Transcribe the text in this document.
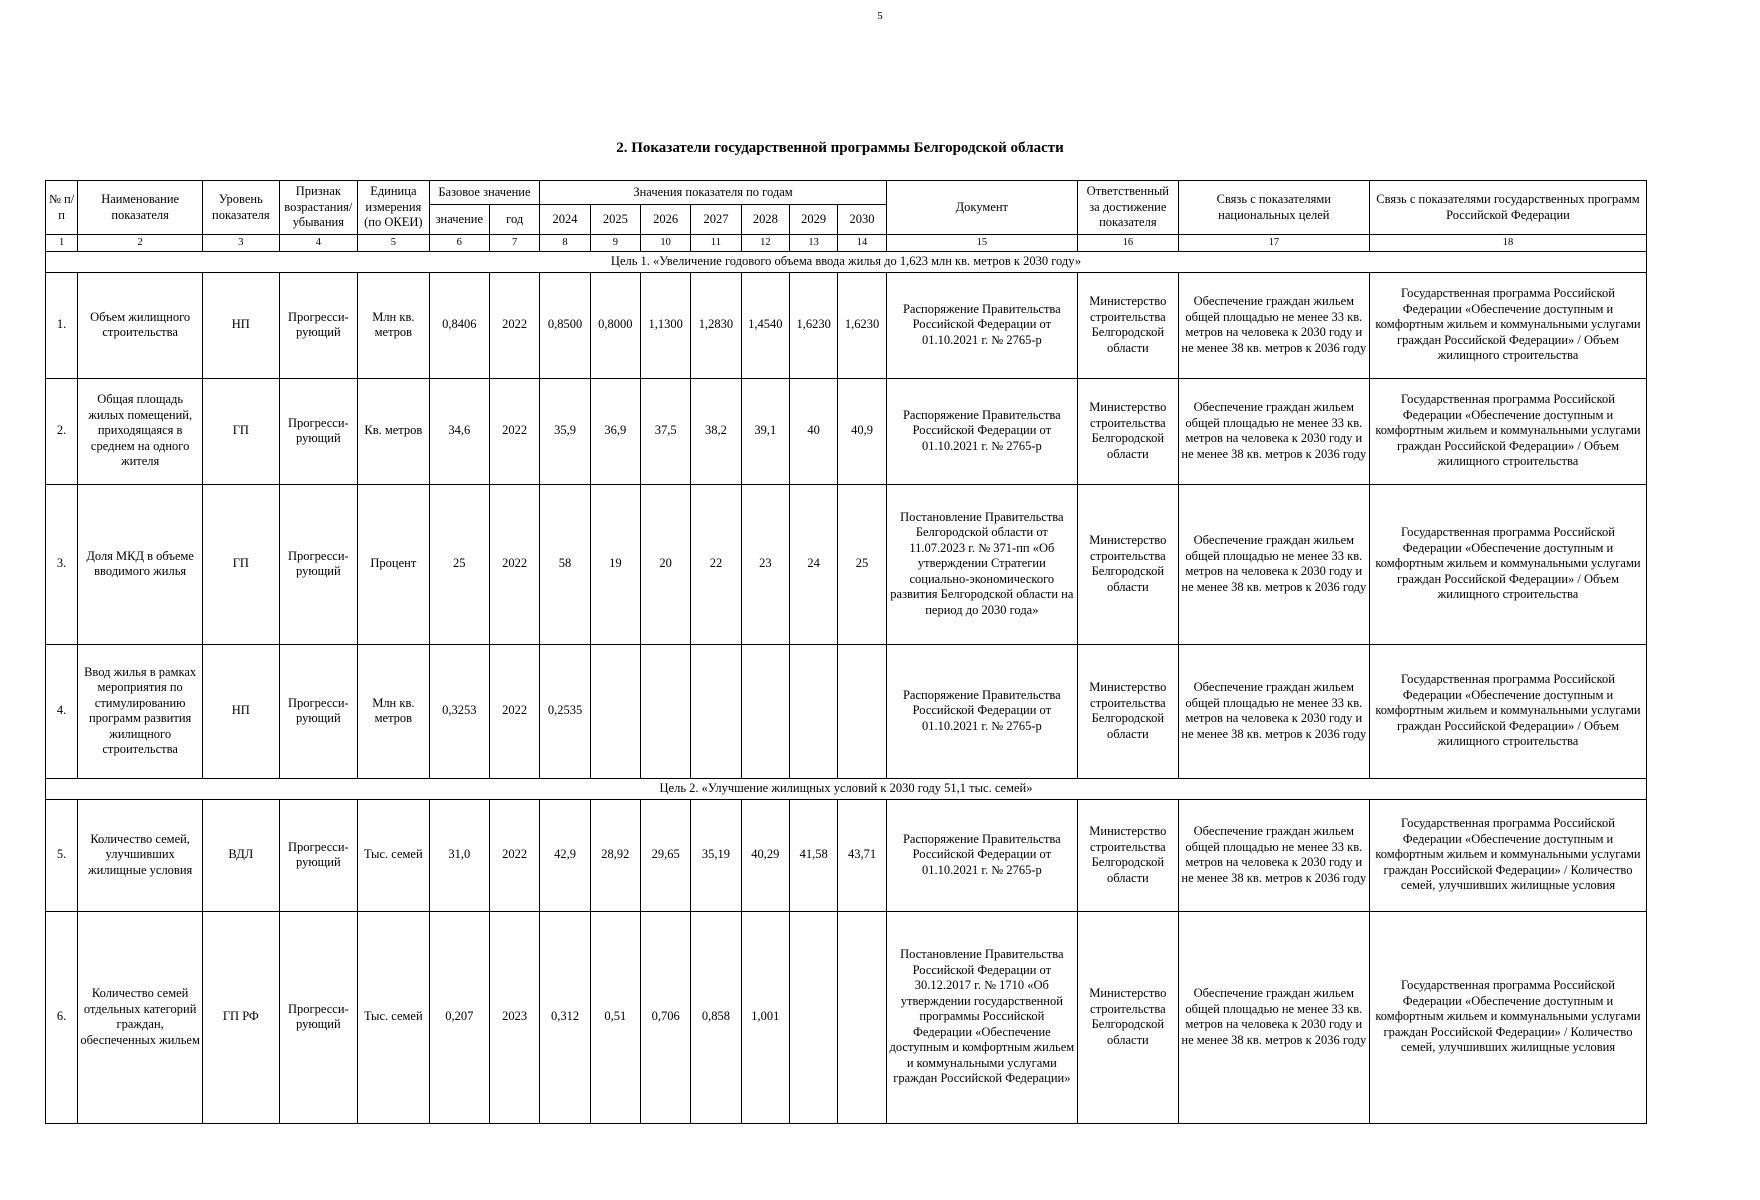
5
2. Показатели государственной программы Белгородской области
№ п/п	Наименование показателя	Уровень показателя	Признак возрастания/ убывания	Единица измерения (по ОКЕИ)	Базовое значение		Значения показателя по годам							Документ	Ответственный за достижение показателя	Связь с показателями национальных целей	Связь с показателями государственных программ Российской Федерации
					значение	год	2024	2025	2026	2027	2028	2029	2030				
1	2	3	4	5	6	7	8	9	10	11	12	13	14	15	16	17	18
Цель 1. «Увеличение годового объема ввода жилья до 1,623 млн кв. метров к 2030 году»																	
1.	Объем жилищного строительства	НП	Прогресси-рующий	Млн кв. метров	0,8406	2022	0,8500	0,8000	1,1300	1,2830	1,4540	1,6230	1,6230	Распоряжение Правительства Российской Федерации от 01.10.2021 г. № 2765-р	Министерство строительства Белгородской области	Обеспечение граждан жильем общей площадью не менее 33 кв. метров на человека к 2030 году и не менее 38 кв. метров к 2036 году	Государственная программа Российской Федерации «Обеспечение доступным и комфортным жильем и коммунальными услугами граждан Российской Федерации» / Объем жилищного строительства
2.	Общая площадь жилых помещений, приходящаяся в среднем на одного жителя	ГП	Прогресси-рующий	Кв. метров	34,6	2022	35,9	36,9	37,5	38,2	39,1	40	40,9	Распоряжение Правительства Российской Федерации от 01.10.2021 г. № 2765-р	Министерство строительства Белгородской области	Обеспечение граждан жильем общей площадью не менее 33 кв. метров на человека к 2030 году и не менее 38 кв. метров к 2036 году	Государственная программа Российской Федерации «Обеспечение доступным и комфортным жильем и коммунальными услугами граждан Российской Федерации» / Объем жилищного строительства
3.	Доля МКД в объеме вводимого жилья	ГП	Прогресси-рующий	Процент	25	2022	58	19	20	22	23	24	25	Постановление Правительства Белгородской области от 11.07.2023 г. № 371-пп «Об утверждении Стратегии социально-экономического развития Белгородской области на период до 2030 года»	Министерство строительства Белгородской области	Обеспечение граждан жильем общей площадью не менее 33 кв. метров на человека к 2030 году и не менее 38 кв. метров к 2036 году	Государственная программа Российской Федерации «Обеспечение доступным и комфортным жильем и коммунальными услугами граждан Российской Федерации» / Объем жилищного строительства
4.	Ввод жилья в рамках мероприятия по стимулированию программ развития жилищного строительства	НП	Прогресси-рующий	Млн кв. метров	0,3253	2022	0,2535							Распоряжение Правительства Российской Федерации от 01.10.2021 г. № 2765-р	Министерство строительства Белгородской области	Обеспечение граждан жильем общей площадью не менее 33 кв. метров на человека к 2030 году и не менее 38 кв. метров к 2036 году	Государственная программа Российской Федерации «Обеспечение доступным и комфортным жильем и коммунальными услугами граждан Российской Федерации» / Объем жилищного строительства
Цель 2. «Улучшение жилищных условий к 2030 году 51,1 тыс. семей»																	
5.	Количество семей, улучшивших жилищные условия	ВДЛ	Прогресси-рующий	Тыс. семей	31,0	2022	42,9	28,92	29,65	35,19	40,29	41,58	43,71	Распоряжение Правительства Российской Федерации от 01.10.2021 г. № 2765-р	Министерство строительства Белгородской области	Обеспечение граждан жильем общей площадью не менее 33 кв. метров на человека к 2030 году и не менее 38 кв. метров к 2036 году	Государственная программа Российской Федерации «Обеспечение доступным и комфортным жильем и коммунальными услугами граждан Российской Федерации» / Количество семей, улучшивших жилищные условия
6.	Количество семей отдельных категорий граждан, обеспеченных жильем	ГП РФ	Прогресси-рующий	Тыс. семей	0,207	2023	0,312	0,51	0,706	0,858	1,001			Постановление Правительства Российской Федерации от 30.12.2017 г. № 1710 «Об утверждении государственной программы Российской Федерации «Обеспечение доступным и комфортным жильем и коммунальными услугами граждан Российской Федерации»	Министерство строительства Белгородской области	Обеспечение граждан жильем общей площадью не менее 33 кв. метров на человека к 2030 году и не менее 38 кв. метров к 2036 году	Государственная программа Российской Федерации «Обеспечение доступным и комфортным жильем и коммунальными услугами граждан Российской Федерации» / Количество семей, улучшивших жилищные условия
